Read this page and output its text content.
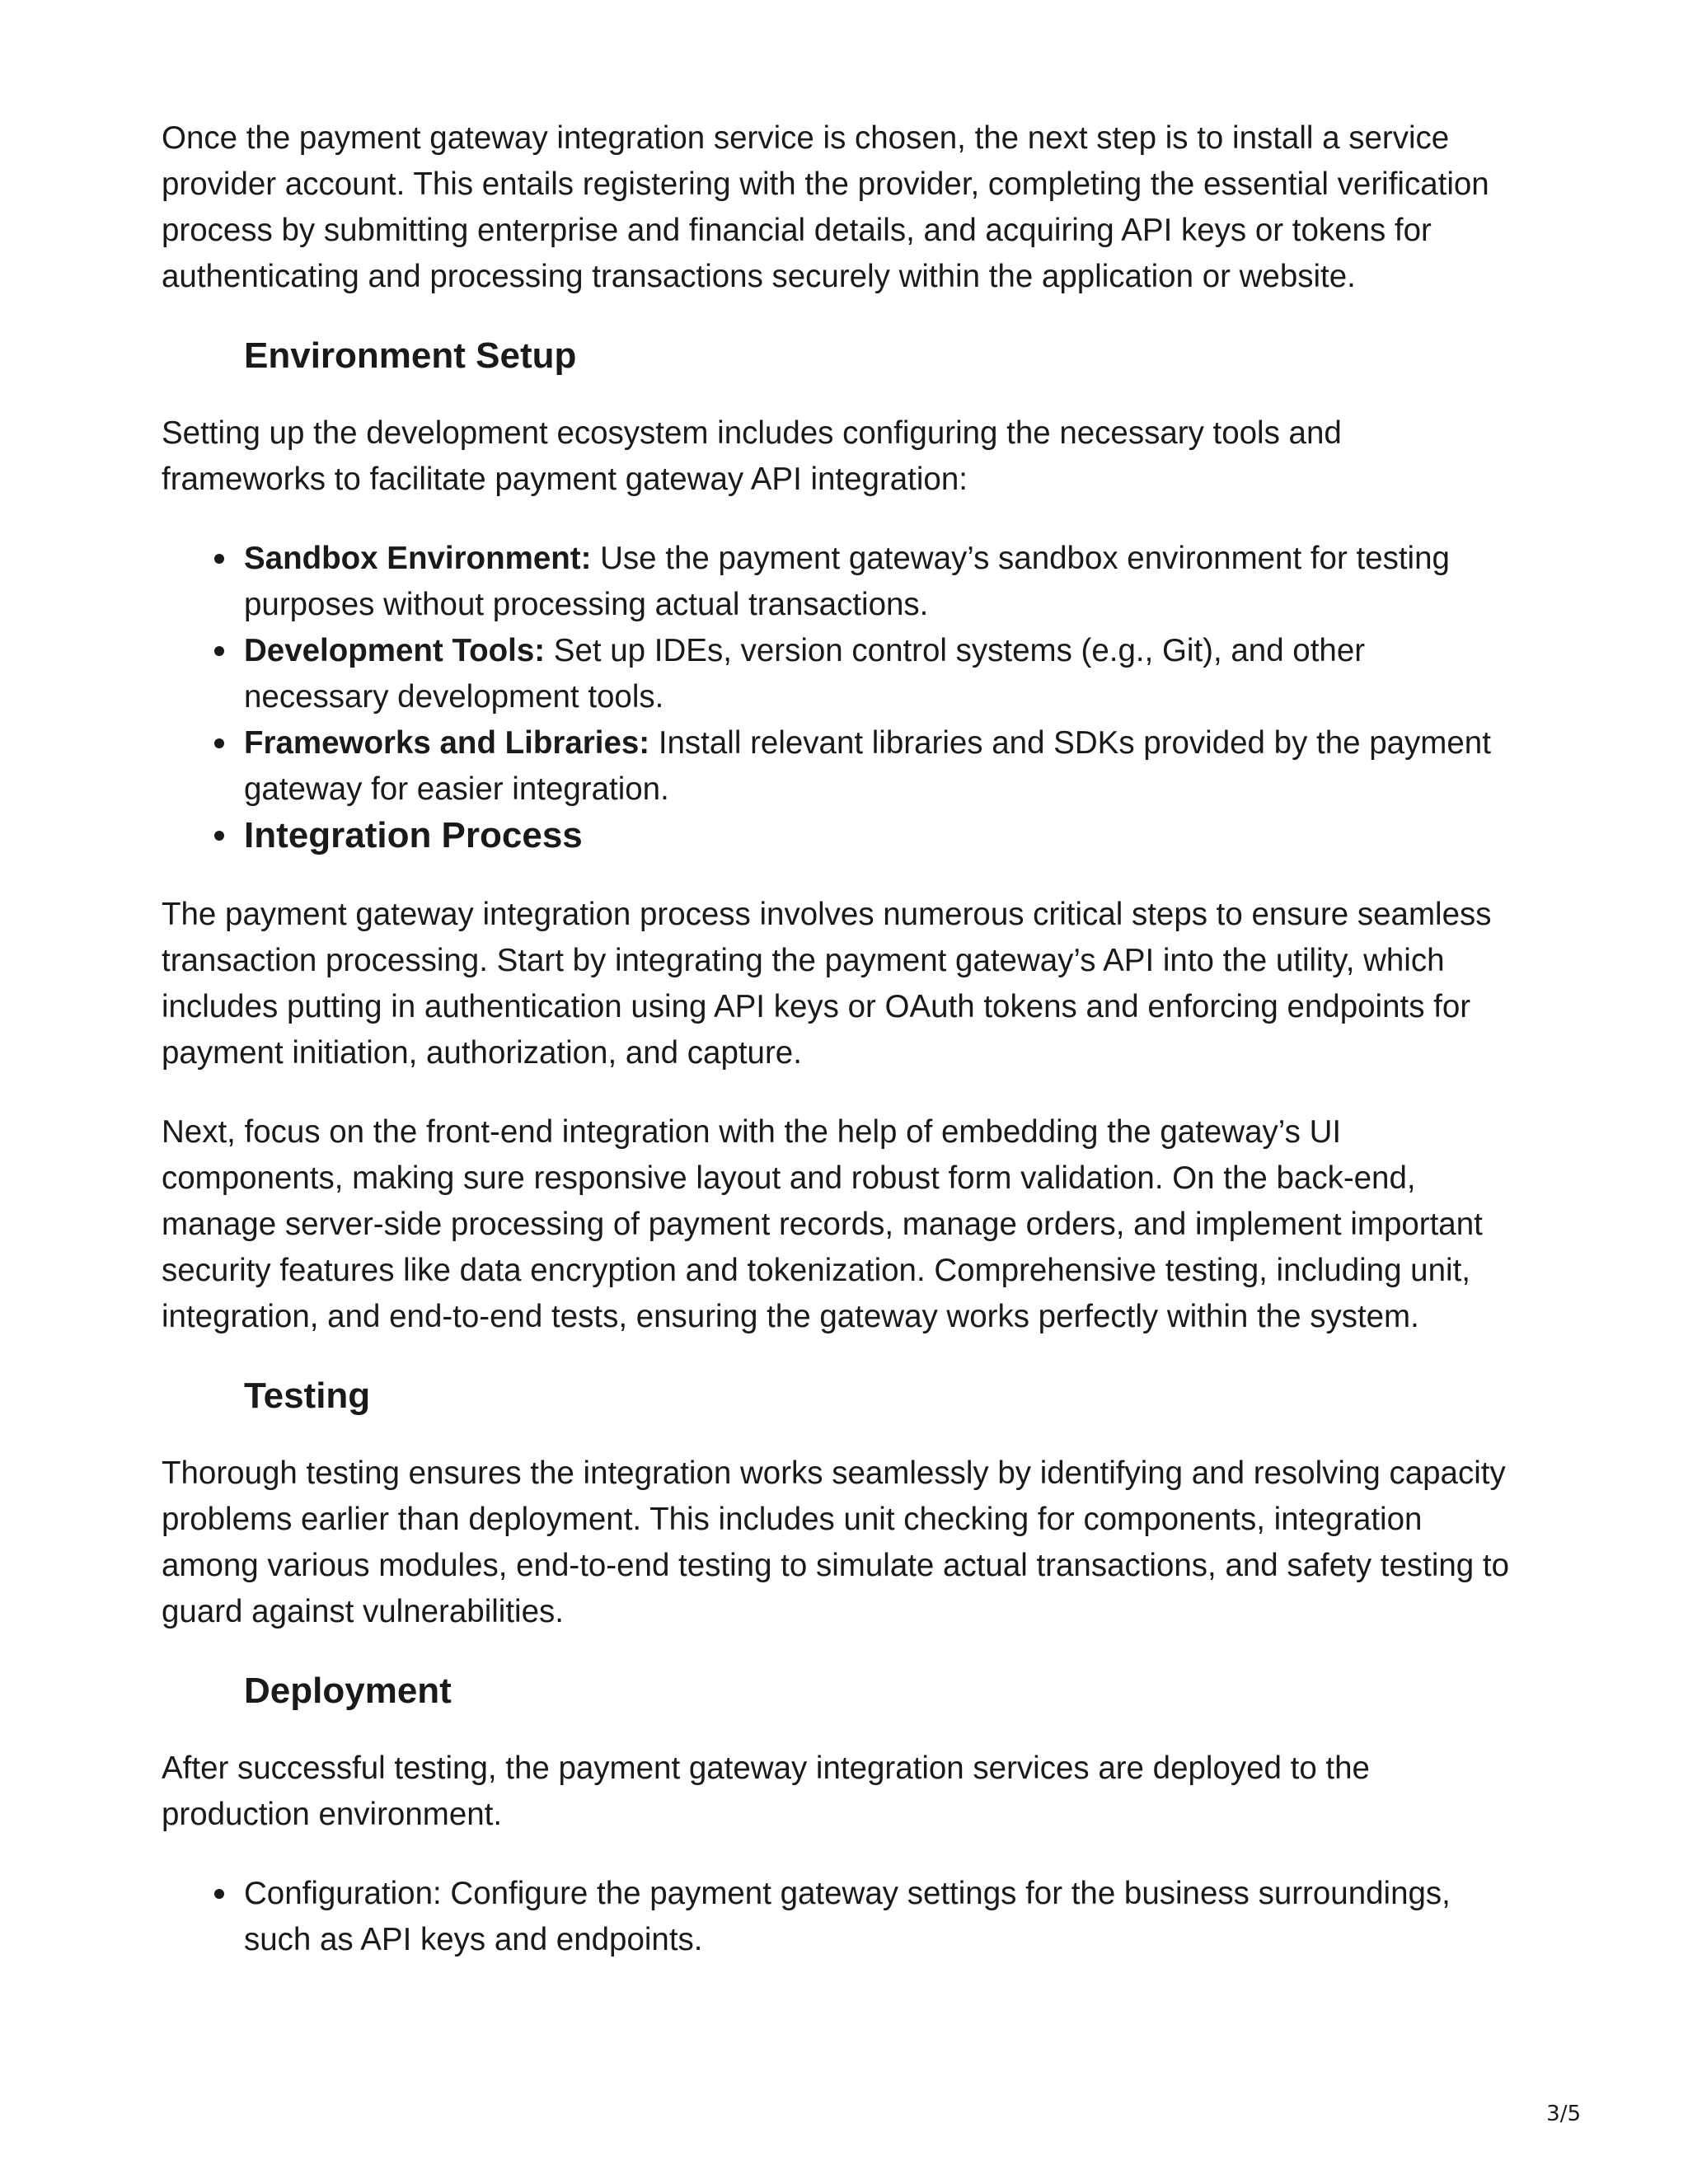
Once the payment gateway integration service is chosen, the next step is to install a service provider account. This entails registering with the provider, completing the essential verification process by submitting enterprise and financial details, and acquiring API keys or tokens for authenticating and processing transactions securely within the application or website.

Environment Setup

Setting up the development ecosystem includes configuring the necessary tools and frameworks to facilitate payment gateway API integration:

Sandbox Environment: Use the payment gateway’s sandbox environment for testing purposes without processing actual transactions.
Development Tools: Set up IDEs, version control systems (e.g., Git), and other necessary development tools.
Frameworks and Libraries: Install relevant libraries and SDKs provided by the payment gateway for easier integration.
Integration Process

The payment gateway integration process involves numerous critical steps to ensure seamless transaction processing. Start by integrating the payment gateway’s API into the utility, which includes putting in authentication using API keys or OAuth tokens and enforcing endpoints for payment initiation, authorization, and capture.

Next, focus on the front-end integration with the help of embedding the gateway’s UI components, making sure responsive layout and robust form validation. On the back-end, manage server-side processing of payment records, manage orders, and implement important security features like data encryption and tokenization. Comprehensive testing, including unit, integration, and end-to-end tests, ensuring the gateway works perfectly within the system.

Testing

Thorough testing ensures the integration works seamlessly by identifying and resolving capacity problems earlier than deployment. This includes unit checking for components, integration among various modules, end-to-end testing to simulate actual transactions, and safety testing to guard against vulnerabilities.

Deployment

After successful testing, the payment gateway integration services are deployed to the production environment.

Configuration: Configure the payment gateway settings for the business surroundings, such as API keys and endpoints.
3/5
